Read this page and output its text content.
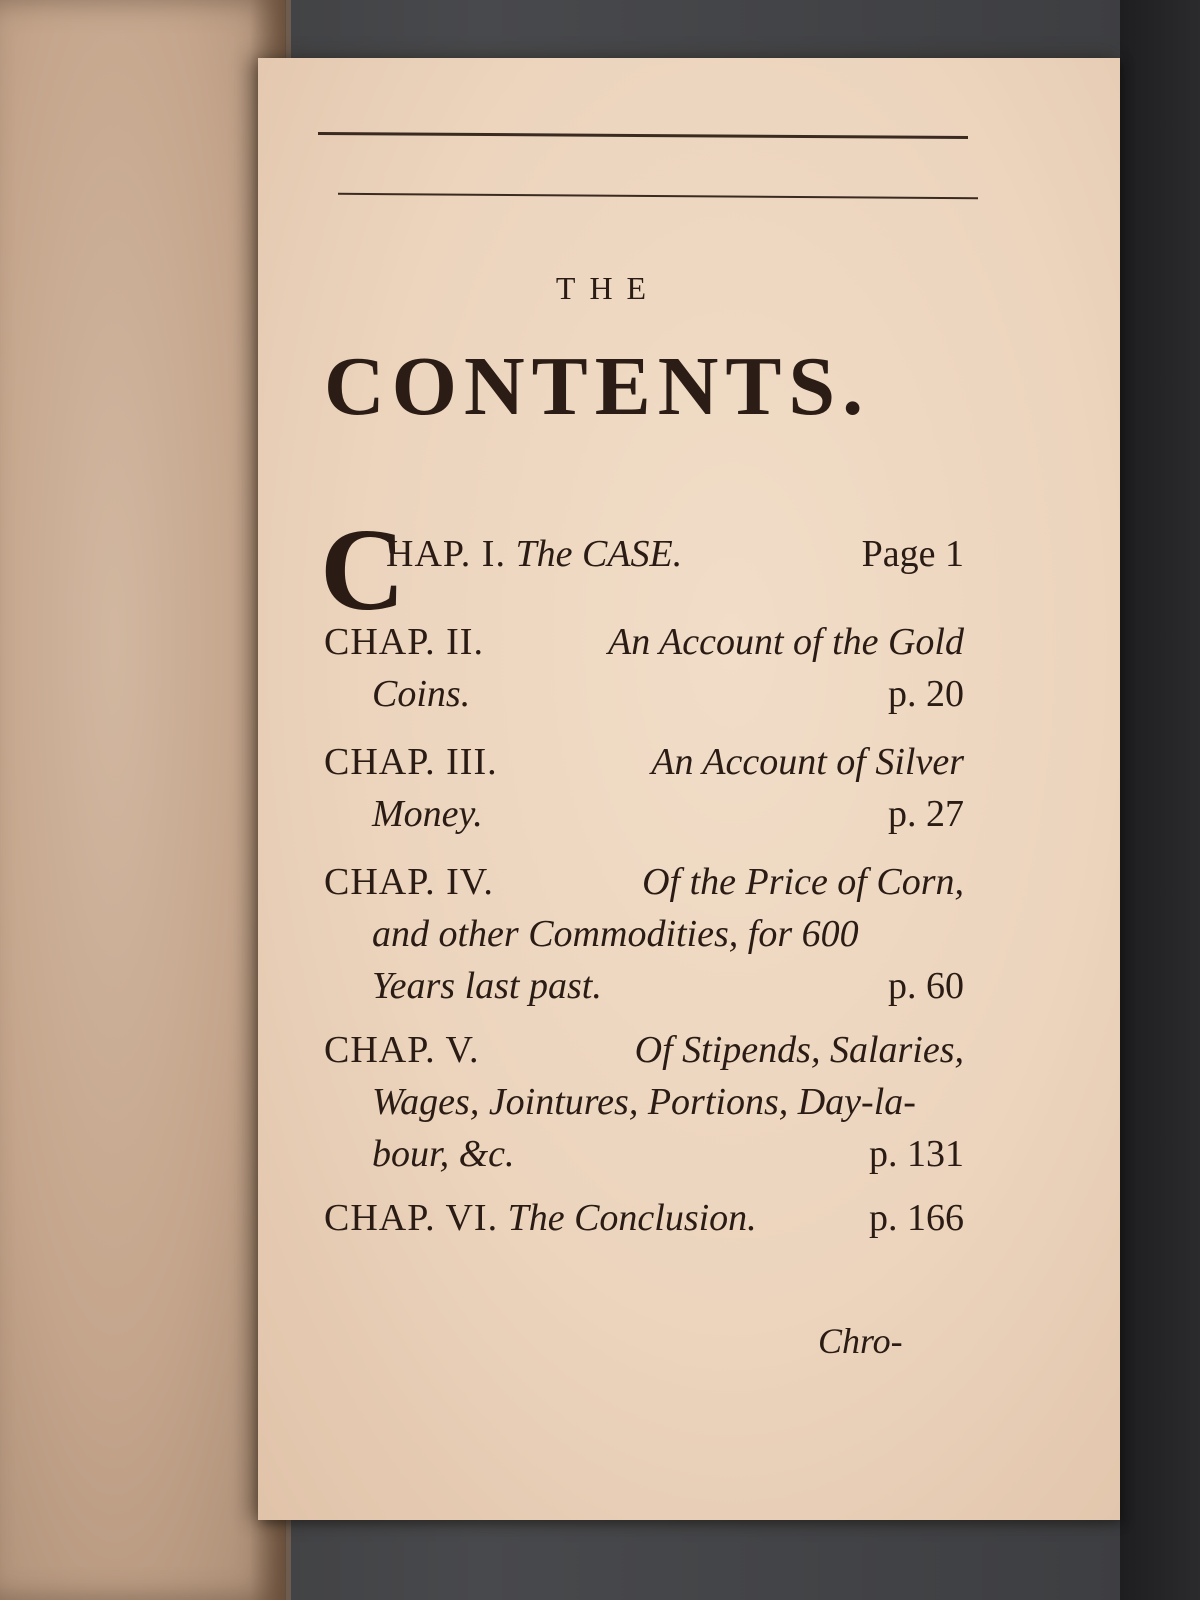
THE
CONTENTS.
C
HAP. I. The CASE.	Page 1
CHAP. II.	An Account of the Gold
Coins.	p. 20
CHAP. III.	An Account of Silver
Money.	p. 27
CHAP. IV.	Of the Price of Corn,
and other Commodities, for 600
Years last past.	p. 60
CHAP. V.	Of Stipends, Salaries,
Wages, Jointures, Portions, Day-la-
bour, &c.	p. 131
CHAP. VI. The Conclusion.	p. 166
Chro-
